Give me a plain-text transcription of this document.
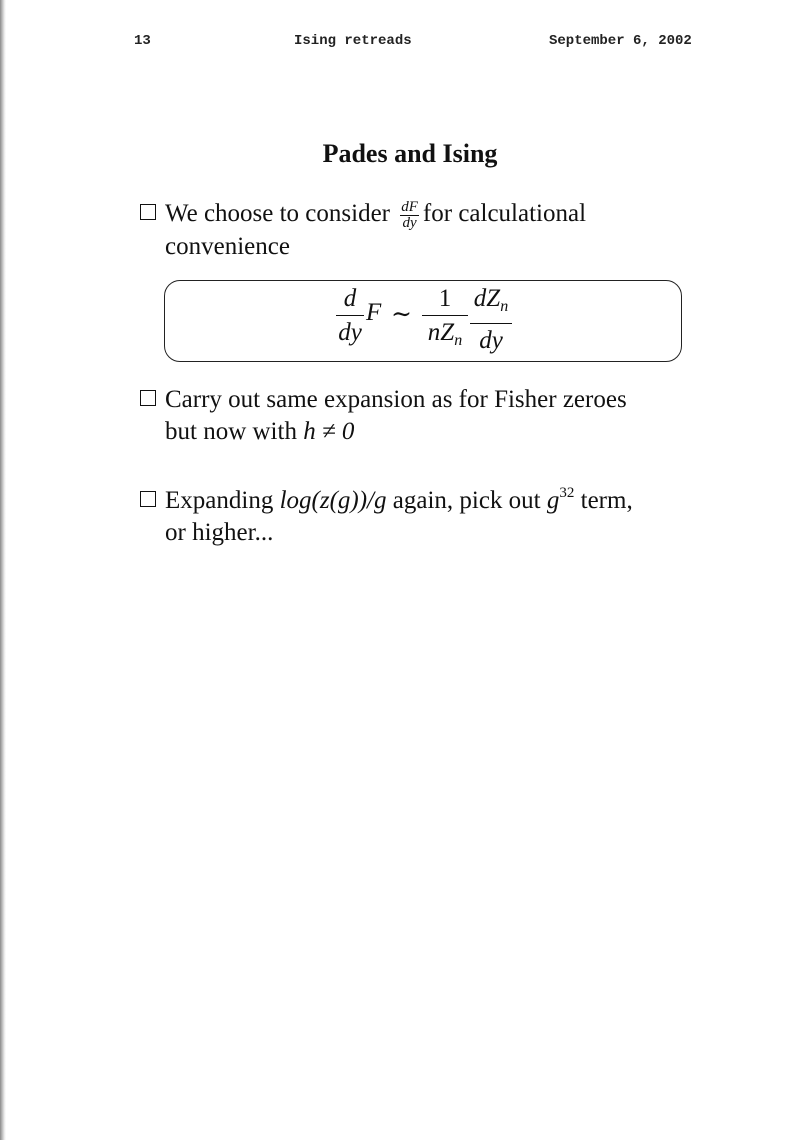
13	Ising retreads	September 6, 2002
Pades and Ising
We choose to consider $\frac{dF}{dy}$ for calculational
convenience
$\frac{d}{dy}$ F ∼
1
$nZ_n$
$dZ_n$
dy
Carry out same expansion as for Fisher zeroes
but now with h ≠ 0
Expanding log(z(g))/g again, pick out $g^{32}$ term,
or higher...
